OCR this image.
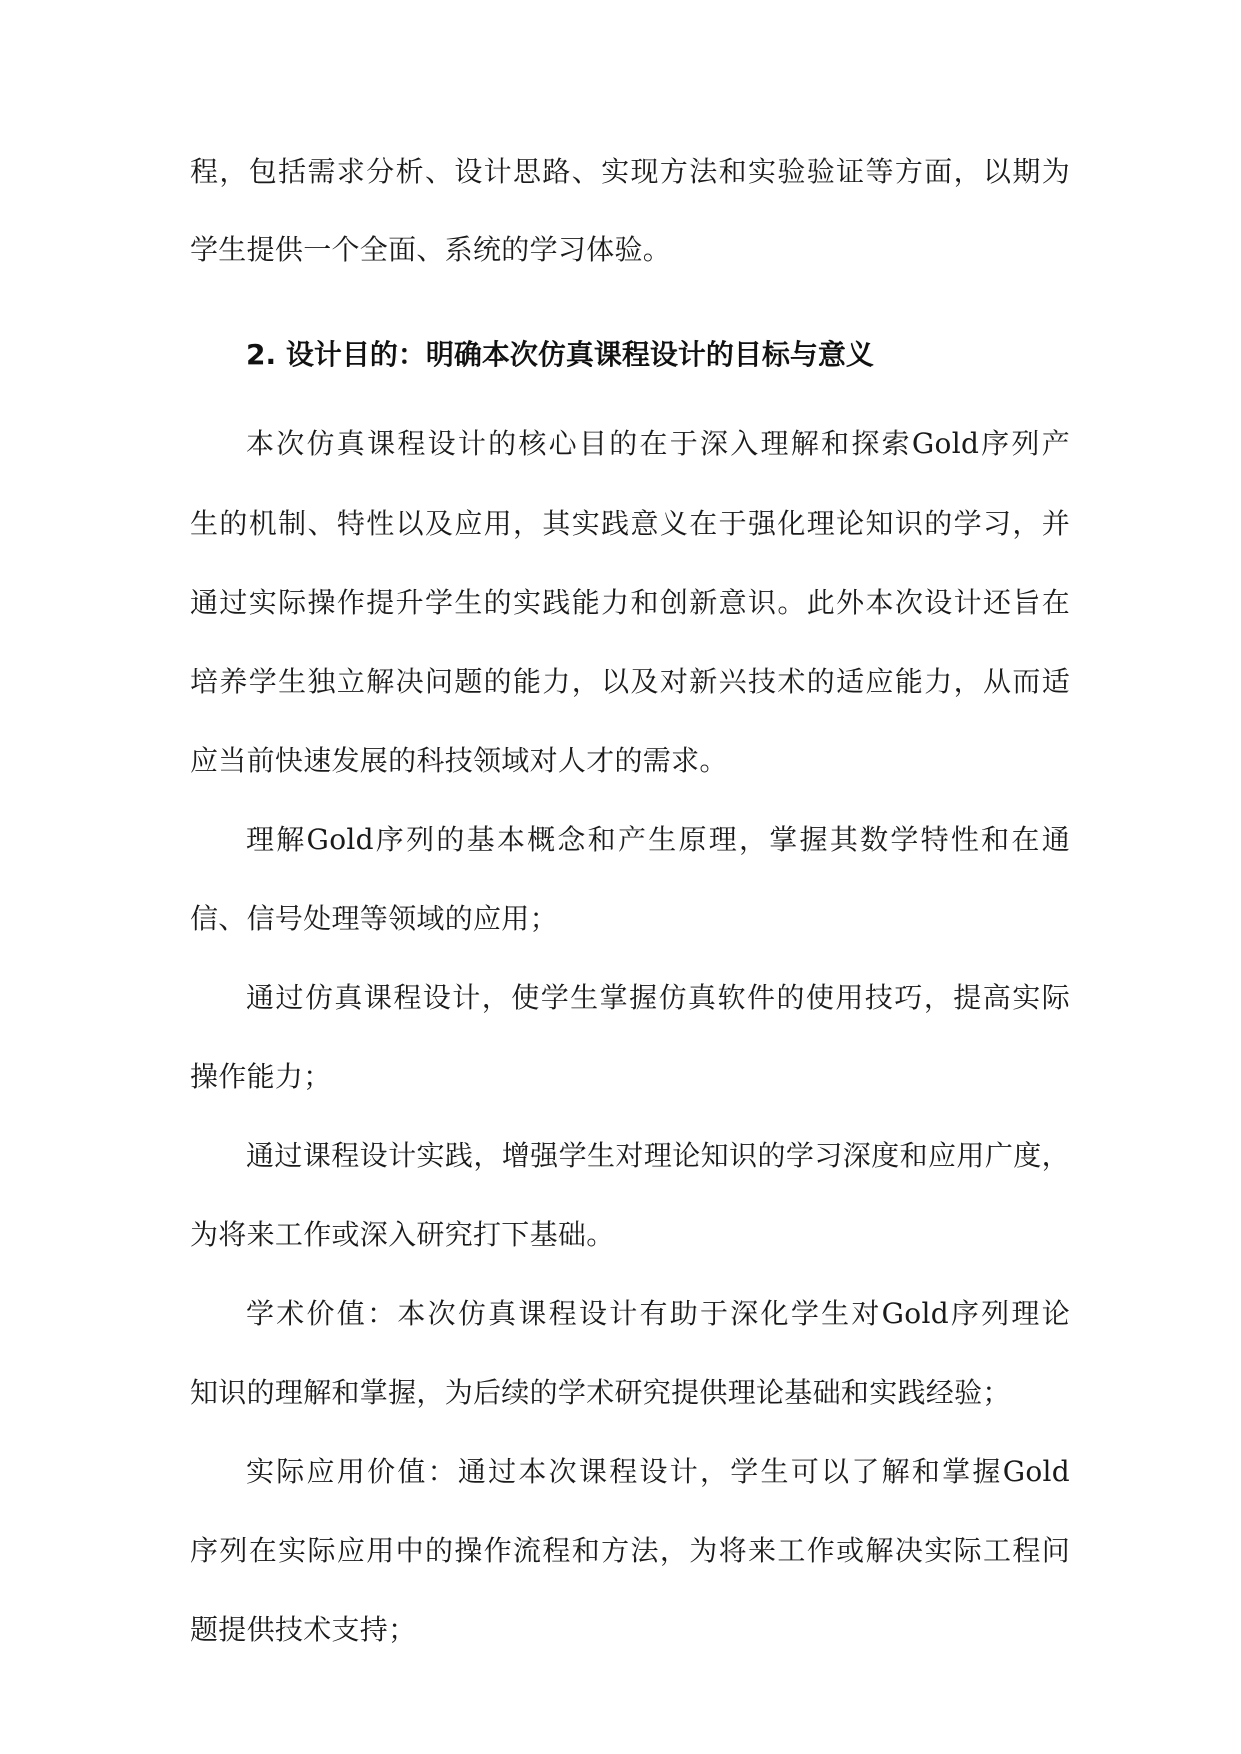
程，包括需求分析、设计思路、实现方法和实验验证等方面，以期为
学生提供一个全面、系统的学习体验。
2. 设计目的：明确本次仿真课程设计的目标与意义
本次仿真课程设计的核心目的在于深入理解和探索Gold序列产
生的机制、特性以及应用，其实践意义在于强化理论知识的学习，并
通过实际操作提升学生的实践能力和创新意识。此外本次设计还旨在
培养学生独立解决问题的能力，以及对新兴技术的适应能力，从而适
应当前快速发展的科技领域对人才的需求。
理解Gold序列的基本概念和产生原理，掌握其数学特性和在通
信、信号处理等领域的应用；
通过仿真课程设计，使学生掌握仿真软件的使用技巧，提高实际
操作能力；
通过课程设计实践，增强学生对理论知识的学习深度和应用广度，
为将来工作或深入研究打下基础。
学术价值：本次仿真课程设计有助于深化学生对Gold序列理论
知识的理解和掌握，为后续的学术研究提供理论基础和实践经验；
实际应用价值：通过本次课程设计，学生可以了解和掌握Gold
序列在实际应用中的操作流程和方法，为将来工作或解决实际工程问
题提供技术支持；
